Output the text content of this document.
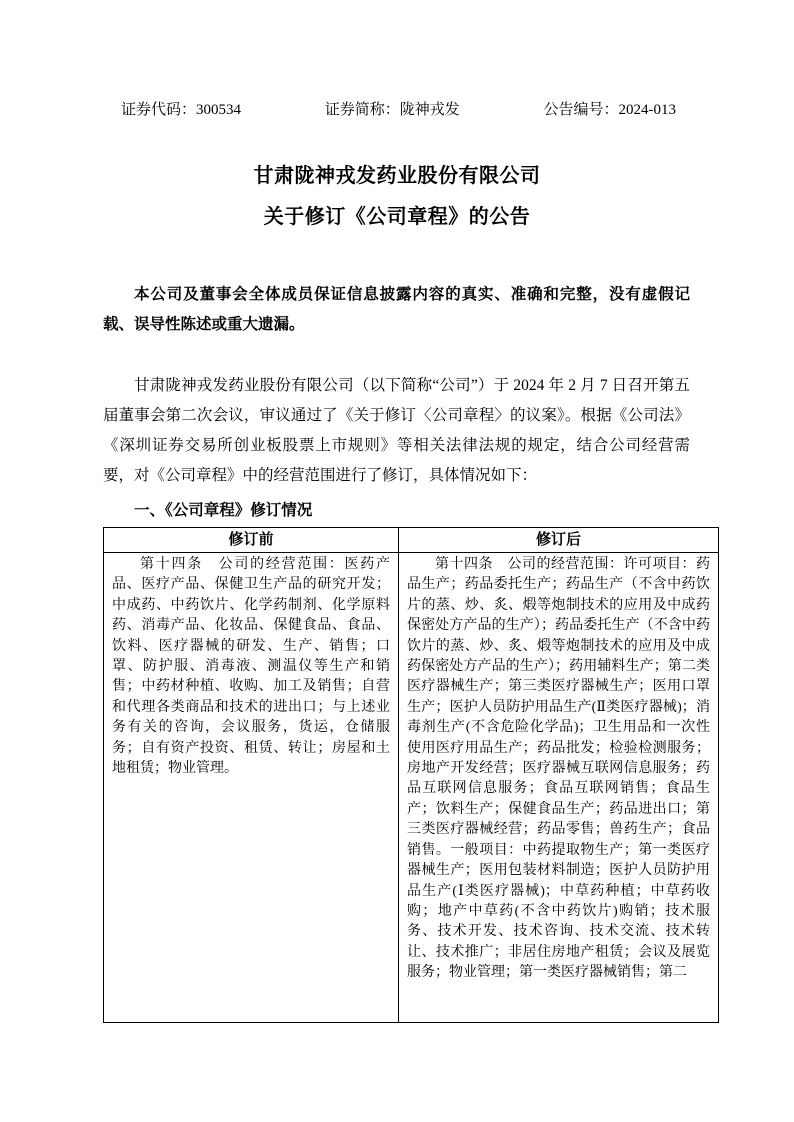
证券代码：300534	证券简称：陇神戎发	公告编号：2024-013
甘肃陇神戎发药业股份有限公司
关于修订《公司章程》的公告

本公司及董事会全体成员保证信息披露内容的真实、准确和完整，没有虚假记载、误导性陈述或重大遗漏。

甘肃陇神戎发药业股份有限公司（以下简称“公司”）于 2024 年 2 月 7 日召开第五届董事会第二次会议，审议通过了《关于修订〈公司章程〉的议案》。根据《公司法》《深圳证券交易所创业板股票上市规则》等相关法律法规的规定，结合公司经营需要，对《公司章程》中的经营范围进行了修订，具体情况如下：

一、《公司章程》修订情况

修订前	修订后

第十四条　公司的经营范围：医药产品、医疗产品、保健卫生产品的研究开发；中成药、中药饮片、化学药制剂、化学原料药、消毒产品、化妆品、保健食品、食品、饮料、医疗器械的研发、生产、销售；口罩、防护服、消毒液、测温仪等生产和销售；中药材种植、收购、加工及销售；自营和代理各类商品和技术的进出口；与上述业务有关的咨询，会议服务，货运，仓储服务；自有资产投资、租赁、转让；房屋和土地租赁；物业管理。	第十四条　公司的经营范围：许可项目：药品生产；药品委托生产；药品生产（不含中药饮片的蒸、炒、炙、煅等炮制技术的应用及中成药保密处方产品的生产）；药品委托生产（不含中药饮片的蒸、炒、炙、煅等炮制技术的应用及中成药保密处方产品的生产）；药用辅料生产；第二类医疗器械生产；第三类医疗器械生产；医用口罩生产；医护人员防护用品生产(Ⅱ类医疗器械)；消毒剂生产(不含危险化学品)；卫生用品和一次性使用医疗用品生产；药品批发；检验检测服务；房地产开发经营；医疗器械互联网信息服务；药品互联网信息服务；食品互联网销售；食品生产；饮料生产；保健食品生产；药品进出口；第三类医疗器械经营；药品零售；兽药生产；食品销售。一般项目：中药提取物生产；第一类医疗器械生产；医用包装材料制造；医护人员防护用品生产(Ⅰ类医疗器械)；中草药种植；中草药收购；地产中草药(不含中药饮片)购销；技术服务、技术开发、技术咨询、技术交流、技术转让、技术推广；非居住房地产租赁；会议及展览服务；物业管理；第一类医疗器械销售；第二
